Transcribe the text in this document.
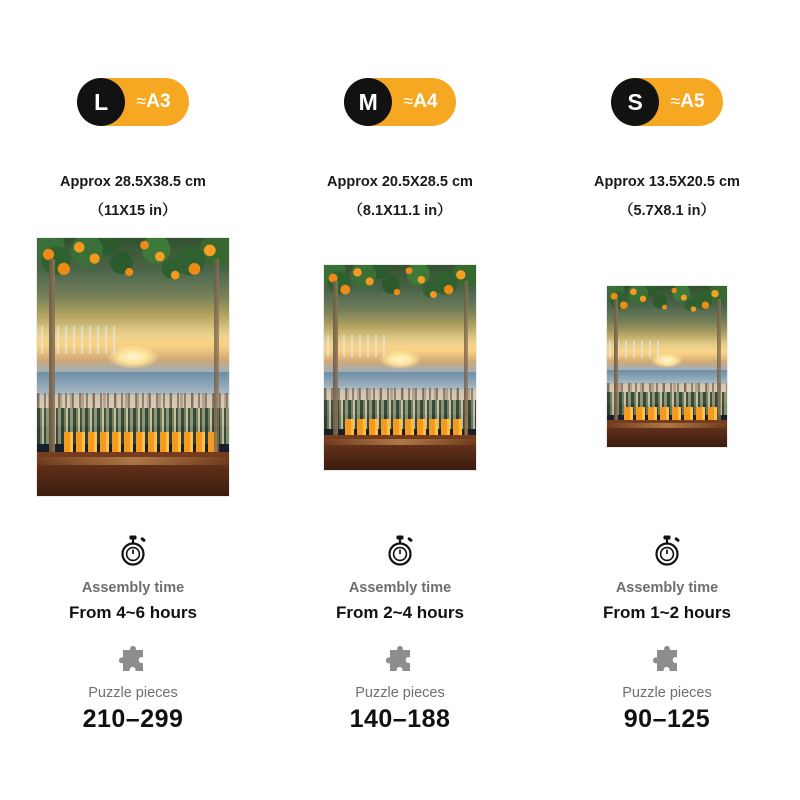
L	≈A3
Approx 28.5X38.5 cm
（11X15 in）
Assembly time
From 4~6 hours
Puzzle pieces
210–299
M	≈A4
Approx 20.5X28.5 cm
（8.1X11.1 in）
Assembly time
From 2~4 hours
Puzzle pieces
140–188
S	≈A5
Approx 13.5X20.5 cm
（5.7X8.1 in）
Assembly time
From 1~2 hours
Puzzle pieces
90–125
